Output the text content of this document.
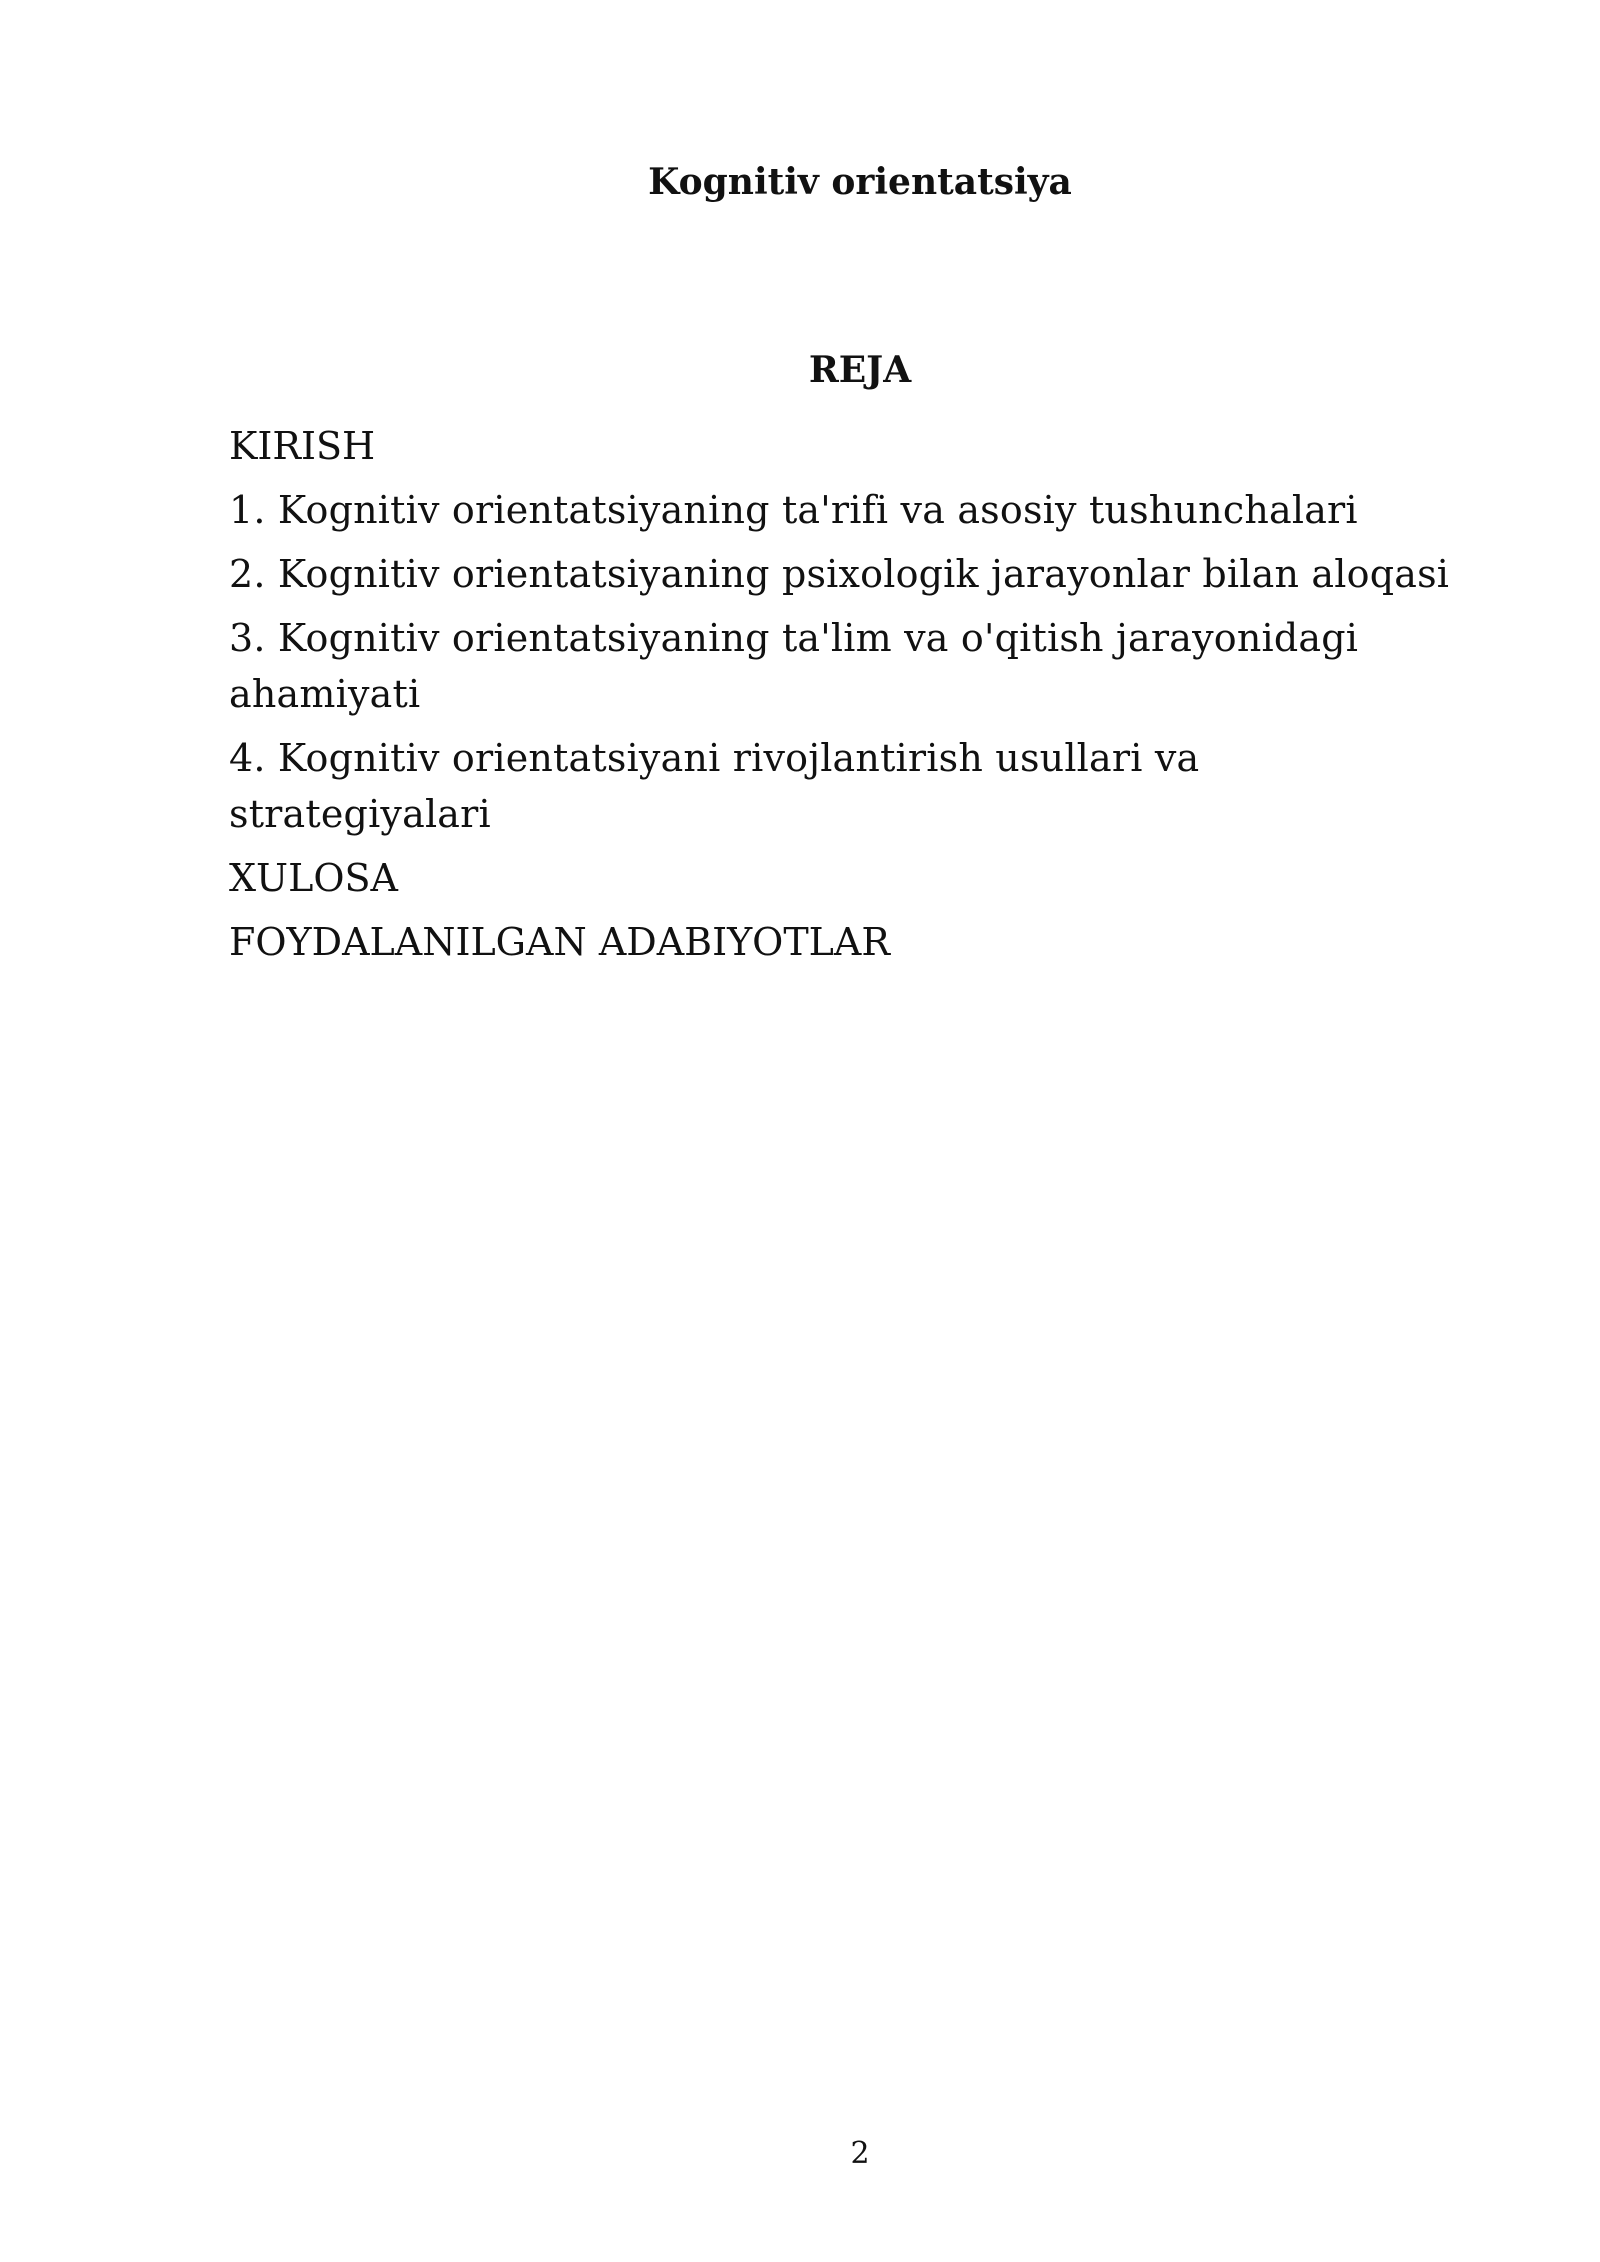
Kognitiv orientatsiya
REJA
KIRISH
1. Kognitiv orientatsiyaning ta'rifi va asosiy tushunchalari
2. Kognitiv orientatsiyaning psixologik jarayonlar bilan aloqasi
3. Kognitiv orientatsiyaning ta'lim va o'qitish jarayonidagi ahamiyati
4. Kognitiv orientatsiyani rivojlantirish usullari va strategiyalari
XULOSA
FOYDALANILGAN ADABIYOTLAR
2
